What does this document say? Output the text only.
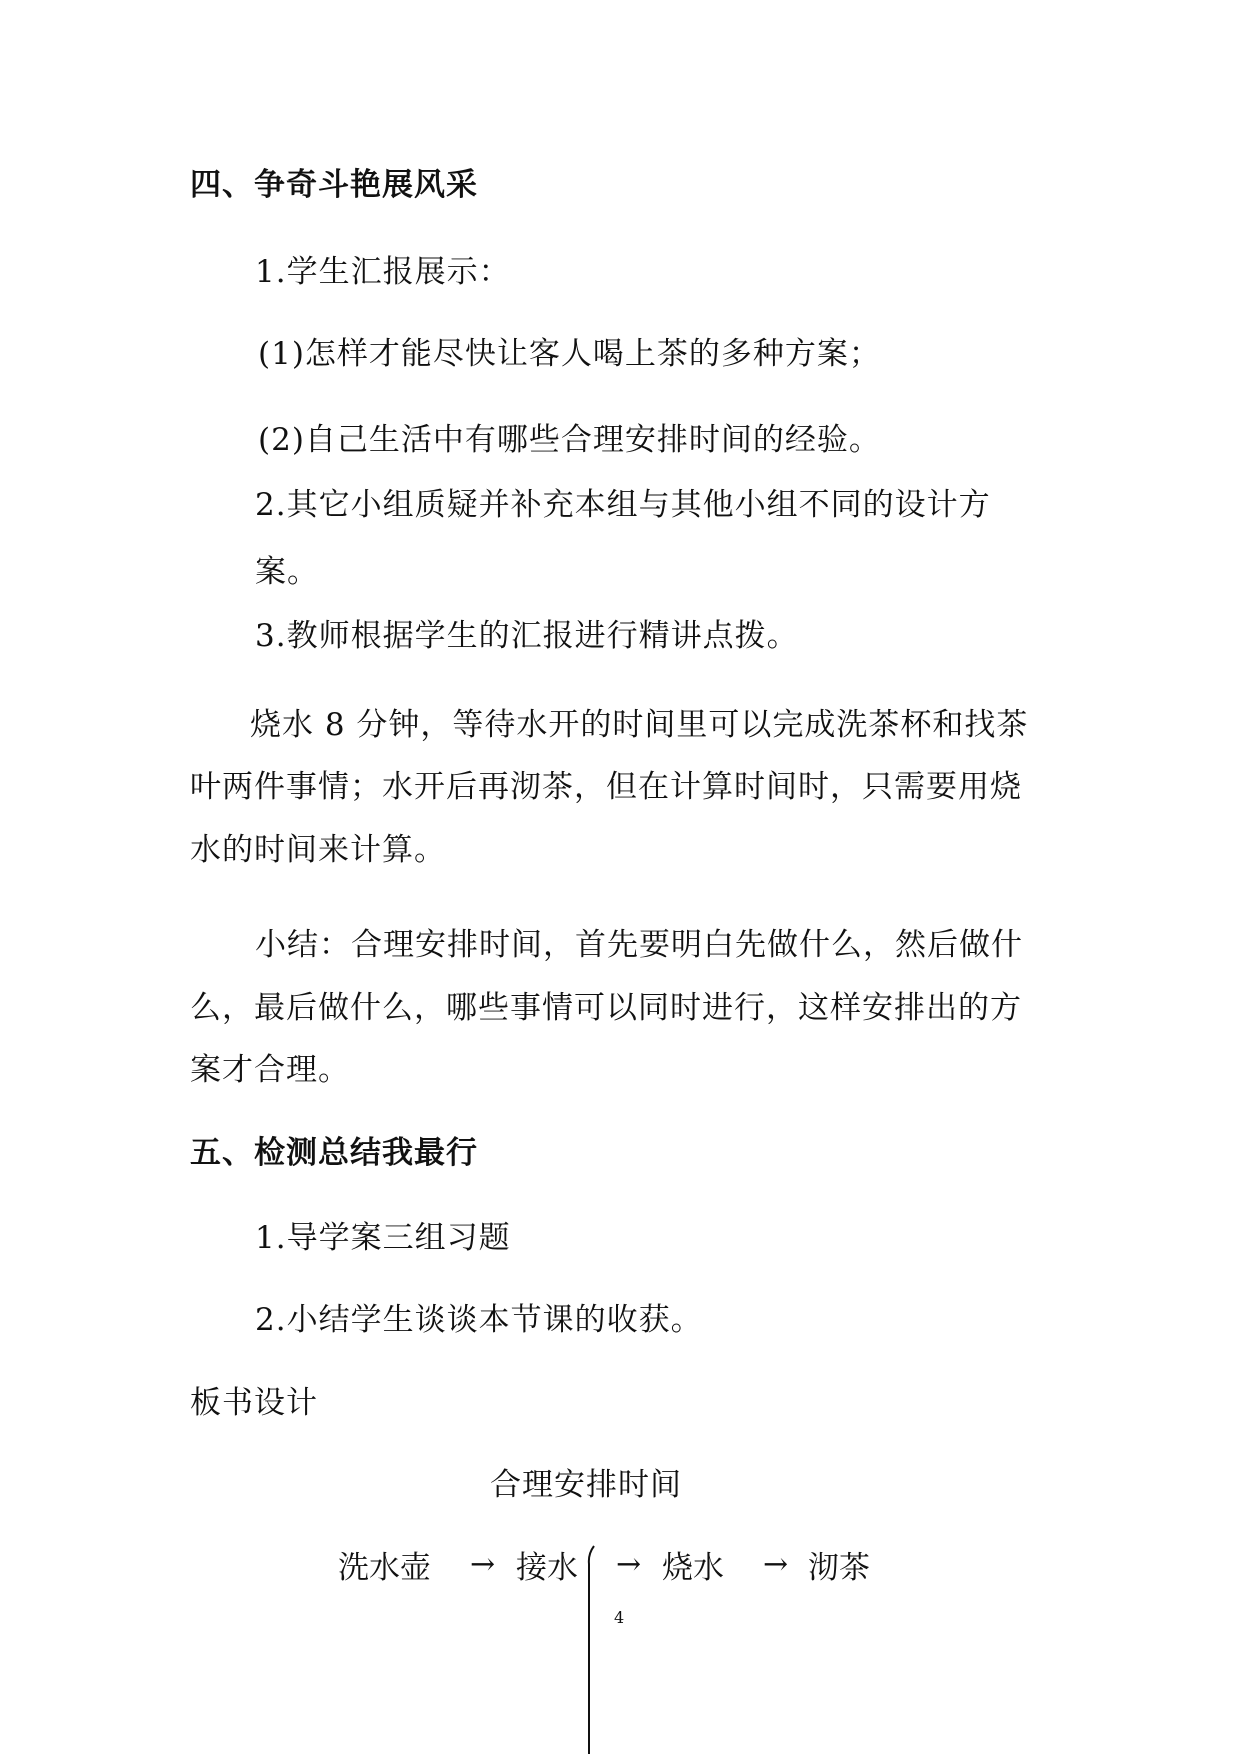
四、争奇斗艳展风采
1.学生汇报展示：
(1)怎样才能尽快让客人喝上茶的多种方案；
(2)自己生活中有哪些合理安排时间的经验。
2.其它小组质疑并补充本组与其他小组不同的设计方
案。
3.教师根据学生的汇报进行精讲点拨。
烧水 8 分钟，等待水开的时间里可以完成洗茶杯和找茶
叶两件事情；水开后再沏茶，但在计算时间时，只需要用烧
水的时间来计算。
小结：合理安排时间，首先要明白先做什么，然后做什
么，最后做什么，哪些事情可以同时进行，这样安排出的方
案才合理。
五、检测总结我最行
1.导学案三组习题
2.小结学生谈谈本节课的收获。
板书设计
合理安排时间
洗水壶 → 接水 → 烧水 → 沏茶
4
